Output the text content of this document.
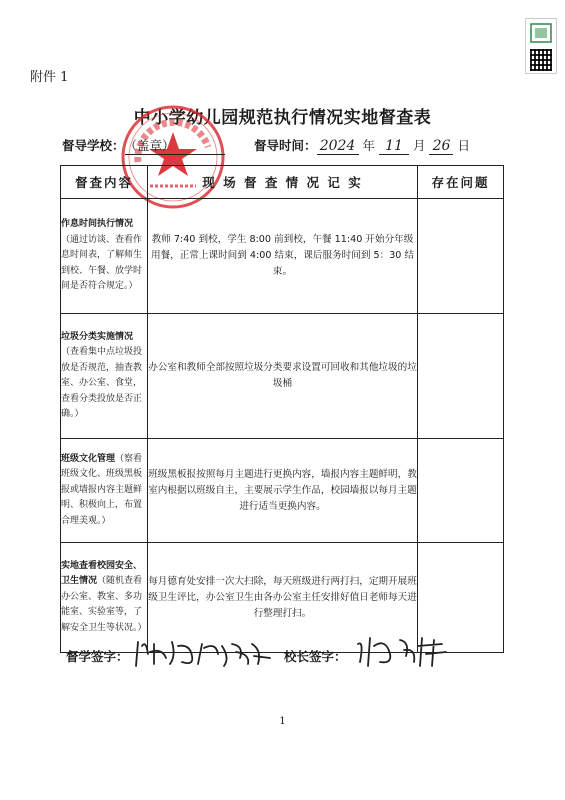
附件 1
中小学幼儿园规范执行情况实地督查表
督导学校：（盖章）	督导时间： 2024 年 11 月 26 日
督查内容	现 场 督 查 情 况 记 实	存在问题
作息时间执行情况（通过访谈、查看作息时间表，了解师生到校、午餐、放学时间是否符合规定。）	教师 7:40 到校，学生 8:00 前到校，午餐 11:40 开始分年级用餐，正常上课时间到 4:00 结束，课后服务时间到 5：30 结束。	
垃圾分类实施情况（查看集中点垃圾投放是否规范，抽查教室、办公室、食堂，查看分类投放是否正确。）	办公室和教师全部按照垃圾分类要求设置可回收和其他垃圾的垃圾桶	
班级文化管理（察看班级文化、班级黑板报或墙报内容主题鲜明、积极向上，布置合理美观。）	班级黑板报按照每月主题进行更换内容，墙报内容主题鲜明，教室内根据以班级自主，主要展示学生作品，校园墙报以每月主题进行适当更换内容。	
实地查看校园安全、卫生情况（随机查看办公室、教室、多功能室、实验室等，了解安全卫生等状况。）	每月德育处安排一次大扫除，每天班级进行两打扫，定期开展班级卫生评比，办公室卫生由各办公室主任安排好值日老师每天进行整理打扫。	
督学签字：	校长签字：
1
